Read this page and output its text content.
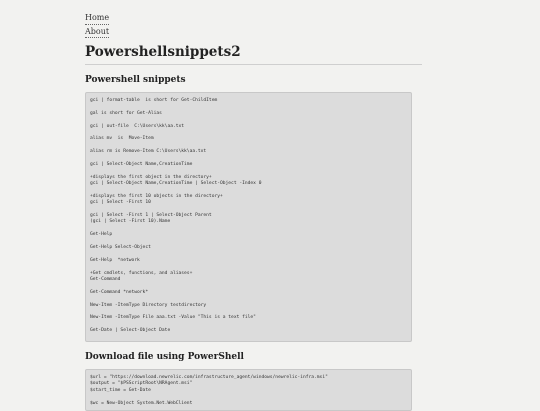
Home
About
Powershellsnippets2
Powershell snippets
gci | format-table  is short for Get-ChildItem
gal is short for Get-Alias
gci | out-file  C:\Users\kk\aa.txt
alias mv  is  Move-Item
alias rm is Remove-Item C:\Users\kk\aa.txt
gci | Select-Object Name,CreationTime
+displays the first object in the directory+
gci | Select-Object Name,CreationTime | Select-Object -Index 0
+displays the first 10 objects in the directory+
gci | Select -First 10
gci | Select -First 1 | Select-Object Parent
(gci | Select -First 10).Name
Get-Help
Get-Help Select-Object
Get-Help  *network
+Get cmdlets, functions, and aliases+
Get-Command
Get-Command *network*
New-Item -ItemType Directory testdirectory
New-Item -ItemType File aaa.txt -Value "This is a text file"
Get-Date | Select-Object Date
Download file using PowerShell
$url = "https://download.newrelic.com/infrastructure_agent/windows/newrelic-infra.msi"
$output = "$PSScriptRoot\NRAgent.msi"
$start_time = Get-Date
$wc = New-Object System.Net.WebClient
